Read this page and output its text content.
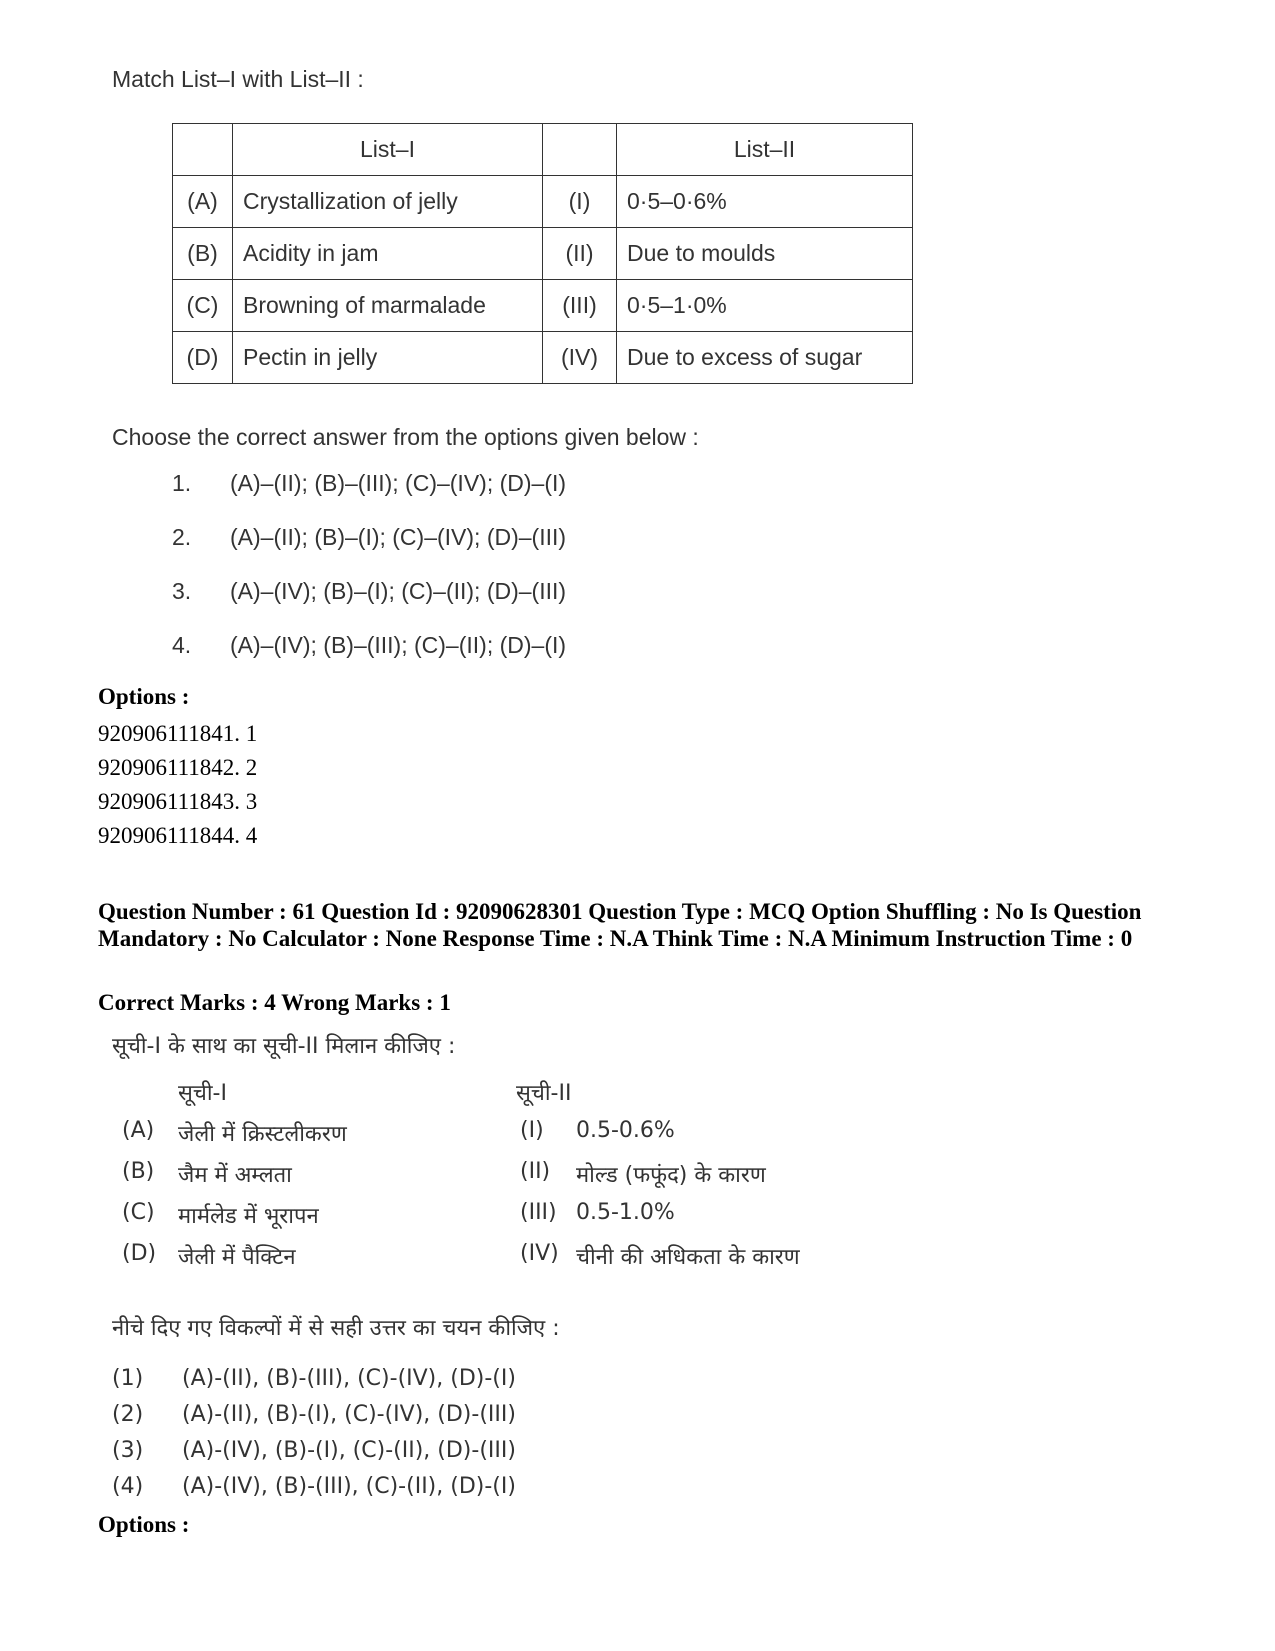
Match List–I with List–II :
	List–I		List–II
(A)	Crystallization of jelly	(I)	0·5–0·6%
(B)	Acidity in jam	(II)	Due to moulds
(C)	Browning of marmalade	(III)	0·5–1·0%
(D)	Pectin in jelly	(IV)	Due to excess of sugar
Choose the correct answer from the options given below :
1.	(A)–(II); (B)–(III); (C)–(IV); (D)–(I)
2.	(A)–(II); (B)–(I); (C)–(IV); (D)–(III)
3.	(A)–(IV); (B)–(I); (C)–(II); (D)–(III)
4.	(A)–(IV); (B)–(III); (C)–(II); (D)–(I)
Options :
920906111841. 1
920906111842. 2
920906111843. 3
920906111844. 4
Question Number : 61 Question Id : 92090628301 Question Type : MCQ Option Shuffling : No Is Question Mandatory : No Calculator : None Response Time : N.A Think Time : N.A Minimum Instruction Time : 0
Correct Marks : 4 Wrong Marks : 1
सूची-I के साथ का सूची-II मिलान कीजिए :
सूची-I	सूची-II
(A)	जेली में क्रिस्टलीकरण	(I)	0.5-0.6%
(B)	जैम में अम्लता	(II)	मोल्ड (फफूंद) के कारण
(C)	मार्मलेड में भूरापन	(III) 0.5-1.0%
(D) जेली में पैक्टिन	(IV) चीनी की अधिकता के कारण
नीचे दिए गए विकल्पों में से सही उत्तर का चयन कीजिए :
(1)	(A)-(II), (B)-(III), (C)-(IV), (D)-(I)
(2)	(A)-(II), (B)-(I), (C)-(IV), (D)-(III)
(3)	(A)-(IV), (B)-(I), (C)-(II), (D)-(III)
(4)	(A)-(IV), (B)-(III), (C)-(II), (D)-(I)
Options :
